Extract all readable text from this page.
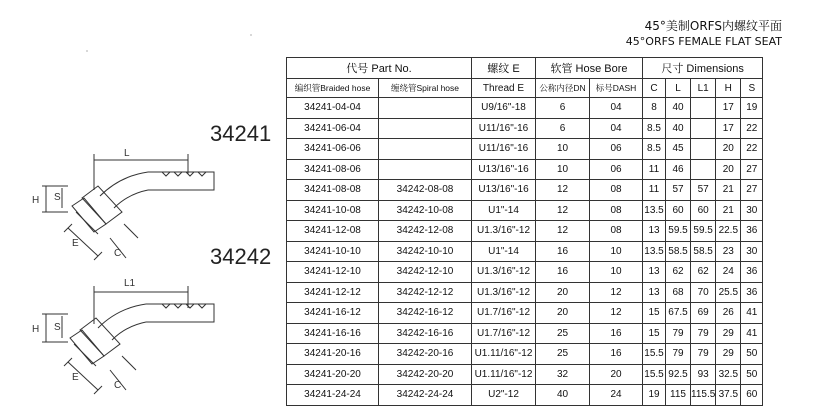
45°美制ORFS内螺纹平面
45°ORFS FEMALE FLAT SEAT
34241
34242
L
H S
E
C
L1
H S
E
C
代号 Part No.		螺纹 E	软管 Hose Bore		尺寸 Dimensions				
编织管Braided hose	缠绕管Spiral hose	Thread E	公称内径DN	标号DASH	C	L	L1	H	S
34241-04-04		U9/16"-18	6	04	8	40		17	19
34241-06-04		U11/16"-16	6	04	8.5	40		17	22
34241-06-06		U11/16"-16	10	06	8.5	45		20	22
34241-08-06		U13/16"-16	10	06	11	46		20	27
34241-08-08	34242-08-08	U13/16"-16	12	08	11	57	57	21	27
34241-10-08	34242-10-08	U1"-14	12	08	13.5	60	60	21	30
34241-12-08	34242-12-08	U1.3/16"-12	12	08	13	59.5	59.5	22.5	36
34241-10-10	34242-10-10	U1"-14	16	10	13.5	58.5	58.5	23	30
34241-12-10	34242-12-10	U1.3/16"-12	16	10	13	62	62	24	36
34241-12-12	34242-12-12	U1.3/16"-12	20	12	13	68	70	25.5	36
34241-16-12	34242-16-12	U1.7/16"-12	20	12	15	67.5	69	26	41
34241-16-16	34242-16-16	U1.7/16"-12	25	16	15	79	79	29	41
34241-20-16	34242-20-16	U1.11/16"-12	25	16	15.5	79	79	29	50
34241-20-20	34242-20-20	U1.11/16"-12	32	20	15.5	92.5	93	32.5	50
34241-24-24	34242-24-24	U2"-12	40	24	19	115	115.5	37.5	60
